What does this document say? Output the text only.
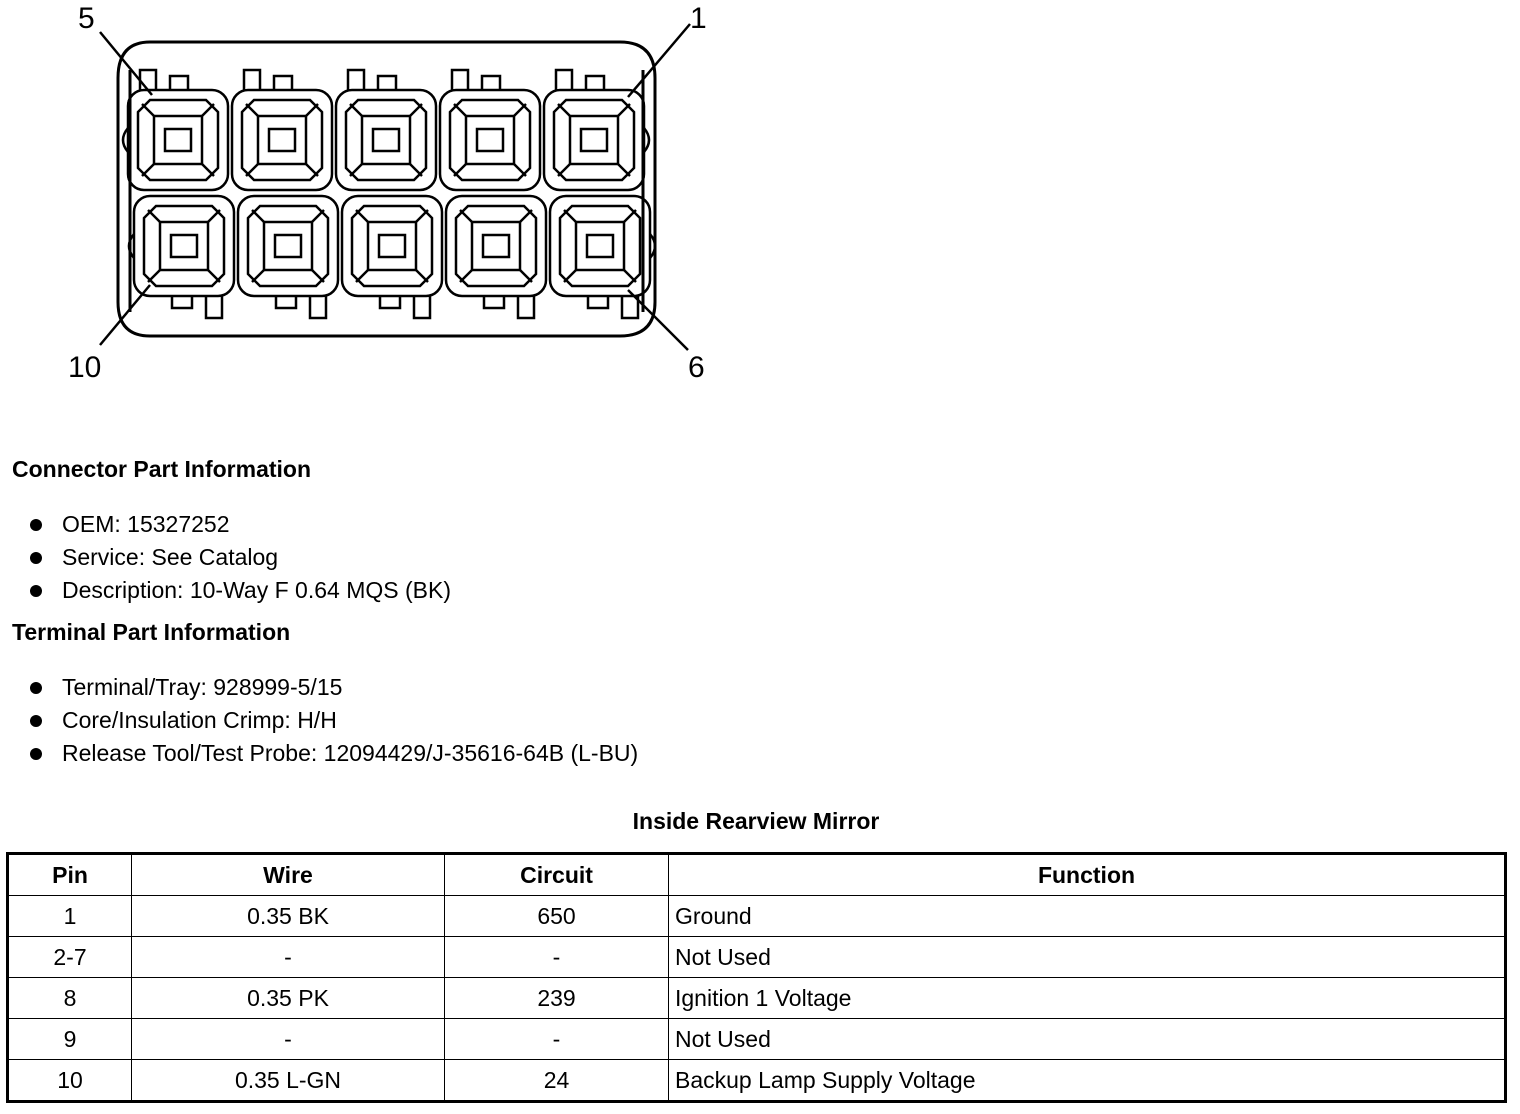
5	1
10	6
Connector Part Information
OEM: 15327252
Service: See Catalog
Description: 10-Way F 0.64 MQS (BK)
Terminal Part Information
Terminal/Tray: 928999-5/15
Core/Insulation Crimp: H/H
Release Tool/Test Probe: 12094429/J-35616-64B (L-BU)
Inside Rearview Mirror
Pin	Wire	Circuit	Function
1	0.35 BK	650	Ground
2-7	-	-	Not Used
8	0.35 PK	239	Ignition 1 Voltage
9	-	-	Not Used
10	0.35 L-GN	24	Backup Lamp Supply Voltage
